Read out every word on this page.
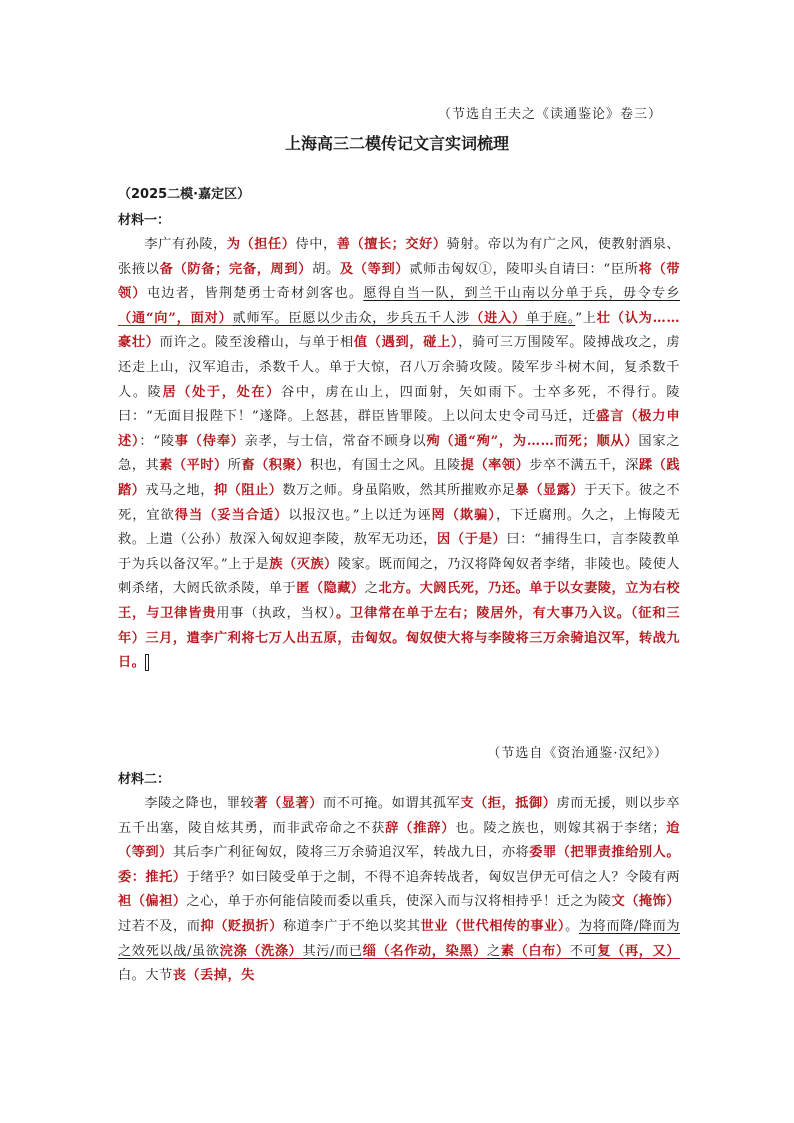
（节选自王夫之《读通鉴论》卷三）
上海高三二模传记文言实词梳理
（2025二模·嘉定区）
材料一：
李广有孙陵，为（担任）侍中，善（擅长；交好）骑射。帝以为有广之风，使教射酒泉、张掖以备（防备；完备，周到）胡。及（等到）贰师击匈奴①，陵叩头自请曰：“臣所将（带领）屯边者，皆荆楚勇士奇材剑客也。愿得自当一队，到兰干山南以分单于兵，毋令专乡（通“向”，面对）贰师军。臣愿以少击众，步兵五千人涉（进入）单于庭。”上壮（认为……豪壮）而许之。陵至浚稽山，与单于相值（遇到，碰上），骑可三万围陵军。陵搏战攻之，虏还走上山，汉军追击，杀数千人。单于大惊，召八万余骑攻陵。陵军步斗树木间，复杀数千人。陵居（处于，处在）谷中，虏在山上，四面射，矢如雨下。士卒多死，不得行。陵曰：“无面目报陛下！”遂降。上怒甚，群臣皆罪陵。上以问太史令司马迁，迁盛言（极力申述）：“陵事（侍奉）亲孝，与士信，常奋不顾身以殉（通“殉”，为……而死；顺从）国家之急，其素（平时）所畜（积聚）积也，有国士之风。且陵提（率领）步卒不满五千，深蹂（践踏）戎马之地，抑（阻止）数万之师。身虽陷败，然其所摧败亦足暴（显露）于天下。彼之不死，宜欲得当（妥当合适）以报汉也。”上以迁为诬罔（欺骗），下迁腐刑。久之，上悔陵无救。上遣（公孙）敖深入匈奴迎李陵，敖军无功还，因（于是）曰：“捕得生口，言李陵教单于为兵以备汉军。”上于是族（灭族）陵家。既而闻之，乃汉将降匈奴者李绪，非陵也。陵使人刺杀绪，大阏氏欲杀陵，单于匿（隐藏）之北方。大阏氏死，乃还。单于以女妻陵，立为右校王，与卫律皆贵用事（执政，当权）。卫律常在单于左右；陵居外，有大事乃入议。（征和三年）三月，遣李广利将七万人出五原，击匈奴。匈奴使大将与李陵将三万余骑追汉军，转战九日。
（节选自《资治通鉴·汉纪》）
材料二：
李陵之降也，罪较著（显著）而不可掩。如谓其孤军支（拒，抵御）虏而无援，则以步卒五千出塞，陵自炫其勇，而非武帝命之不获辞（推辞）也。陵之族也，则嫁其祸于李绪；迨（等到）其后李广利征匈奴，陵将三万余骑追汉军，转战九日，亦将委罪（把罪责推给别人。委：推托）于绪乎？如曰陵受单于之制，不得不追奔转战者，匈奴岂伊无可信之人？令陵有两袒（偏袒）之心，单于亦何能信陵而委以重兵，使深入而与汉将相持乎！迁之为陵文（掩饰）过若不及，而抑（贬损折）称道李广于不绝以奖其世业（世代相传的事业）。为将而降/降而为之效死以战/虽欲浣涤（洗涤）其污/而已缁（名作动，染黑）之素（白布）不可复（再，又）白。大节丧（丢掉，失
